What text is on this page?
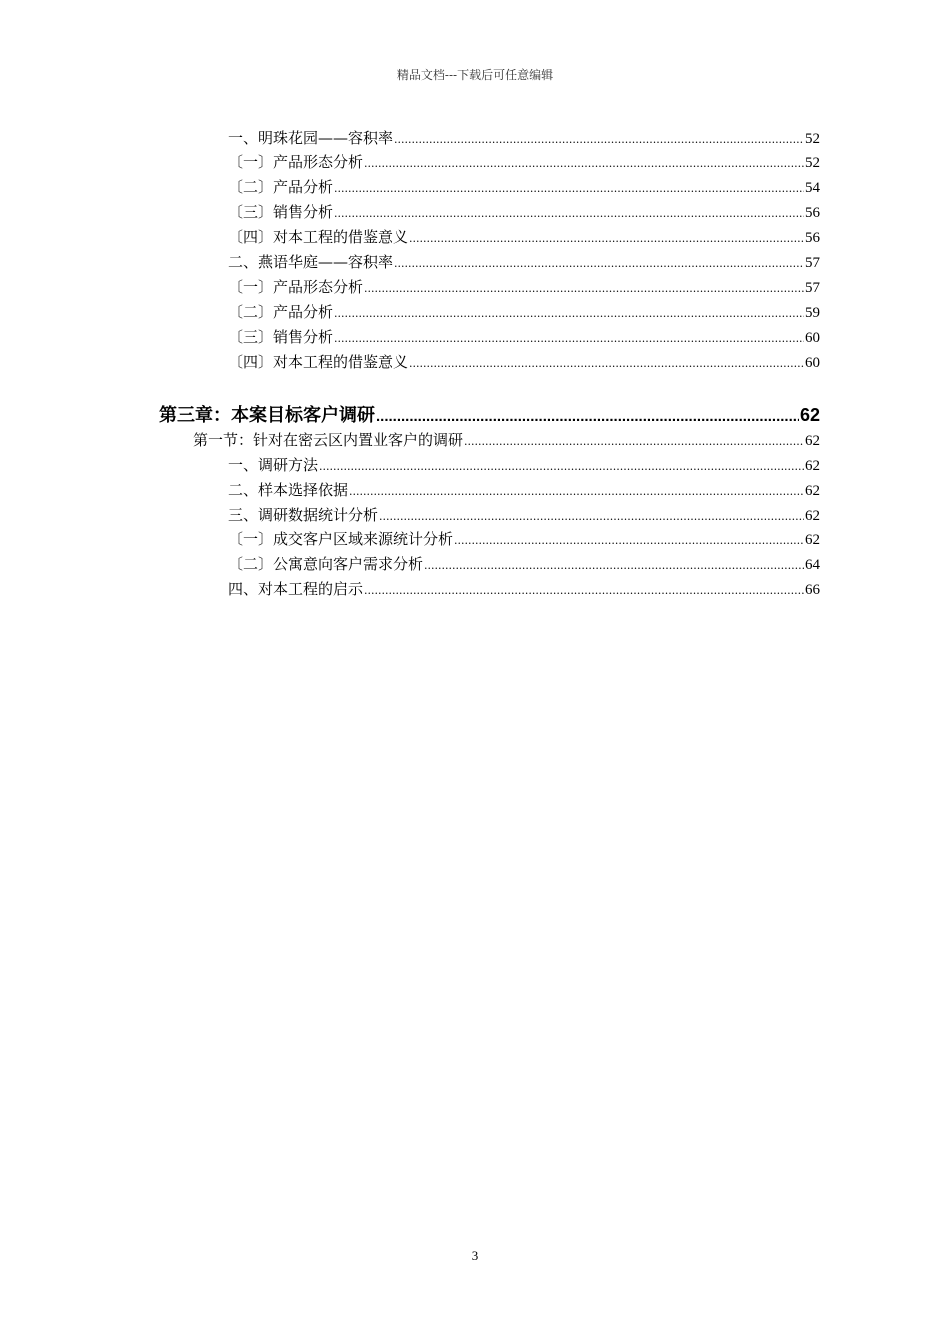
精品文档---下载后可任意编辑
一、明珠花园——容积率 .....	52
〔一〕产品形态分析 .....	52
〔二〕产品分析 .....	54
〔三〕销售分析 .....	56
〔四〕对本工程的借鉴意义 .....	56
二、燕语华庭——容积率 .....	57
〔一〕产品形态分析 .....	57
〔二〕产品分析 .....	59
〔三〕销售分析 .....	60
〔四〕对本工程的借鉴意义 .....	60
第三章：本案目标客户调研 .....	62
第一节：针对在密云区内置业客户的调研 .....	62
一、调研方法 .....	62
二、样本选择依据 .....	62
三、调研数据统计分析 .....	62
〔一〕成交客户区域来源统计分析 .....	62
〔二〕公寓意向客户需求分析 .....	64
四、对本工程的启示 .....	66
3
